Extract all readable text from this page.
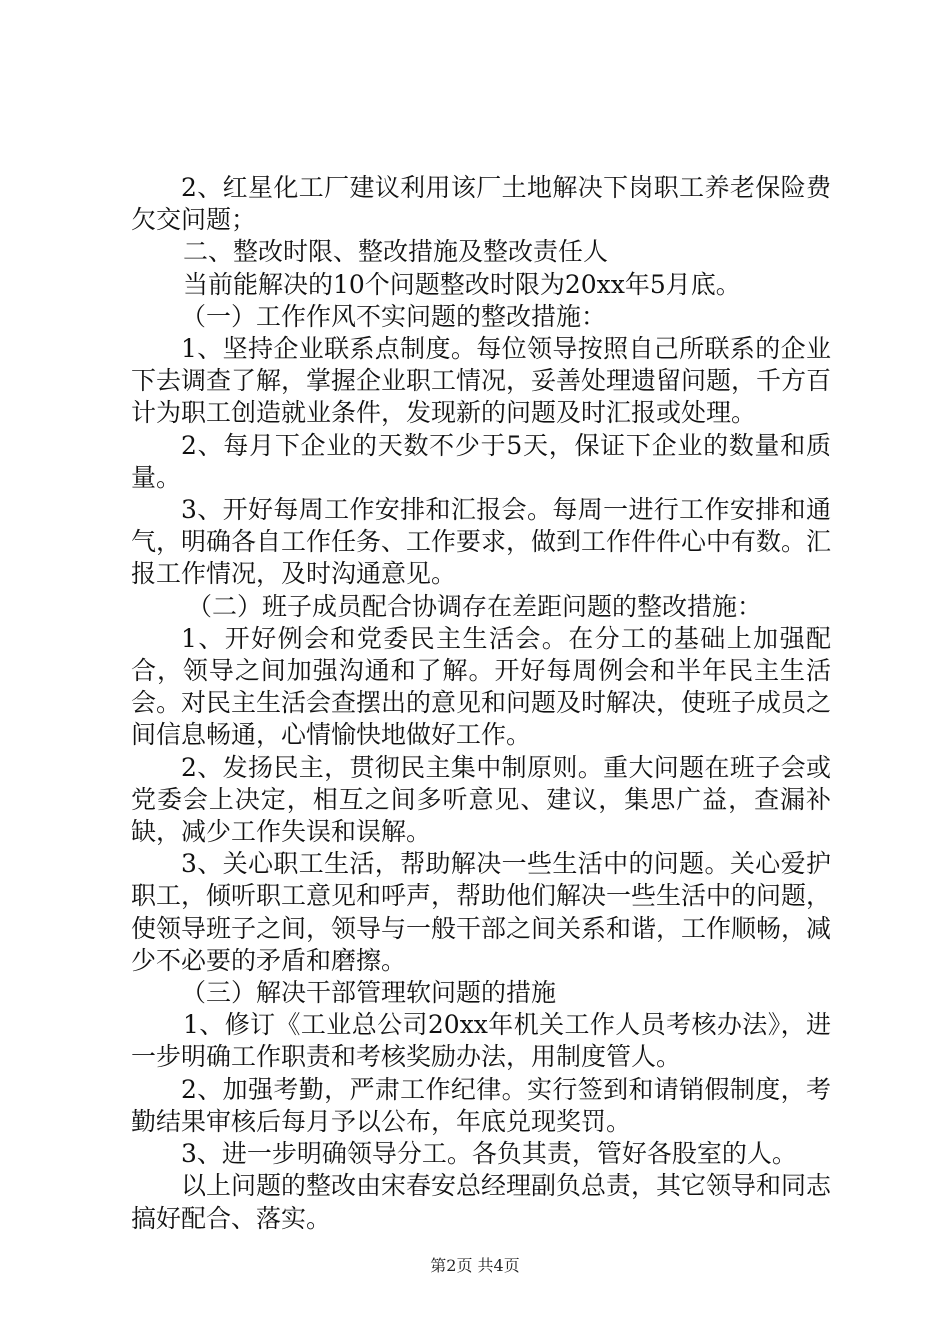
2、红星化工厂建议利用该厂土地解决下岗职工养老保险费欠交问题；

二、整改时限、整改措施及整改责任人

当前能解决的10个问题整改时限为20xx年5月底。

（一）工作作风不实问题的整改措施：

1、坚持企业联系点制度。每位领导按照自己所联系的企业下去调查了解，掌握企业职工情况，妥善处理遗留问题，千方百计为职工创造就业条件，发现新的问题及时汇报或处理。

2、每月下企业的天数不少于5天，保证下企业的数量和质量。

3、开好每周工作安排和汇报会。每周一进行工作安排和通气，明确各自工作任务、工作要求，做到工作件件心中有数。汇报工作情况，及时沟通意见。

（二）班子成员配合协调存在差距问题的整改措施：

1、开好例会和党委民主生活会。在分工的基础上加强配合，领导之间加强沟通和了解。开好每周例会和半年民主生活会。对民主生活会查摆出的意见和问题及时解决，使班子成员之间信息畅通，心情愉快地做好工作。

2、发扬民主，贯彻民主集中制原则。重大问题在班子会或党委会上决定，相互之间多听意见、建议，集思广益，查漏补缺，减少工作失误和误解。

3、关心职工生活，帮助解决一些生活中的问题。关心爱护职工，倾听职工意见和呼声，帮助他们解决一些生活中的问题，使领导班子之间，领导与一般干部之间关系和谐，工作顺畅，减少不必要的矛盾和磨擦。

（三）解决干部管理软问题的措施

1、修订《工业总公司20xx年机关工作人员考核办法》，进一步明确工作职责和考核奖励办法，用制度管人。

2、加强考勤，严肃工作纪律。实行签到和请销假制度，考勤结果审核后每月予以公布，年底兑现奖罚。

3、进一步明确领导分工。各负其责，管好各股室的人。

以上问题的整改由宋春安总经理副负总责，其它领导和同志搞好配合、落实。

第2页 共4页
